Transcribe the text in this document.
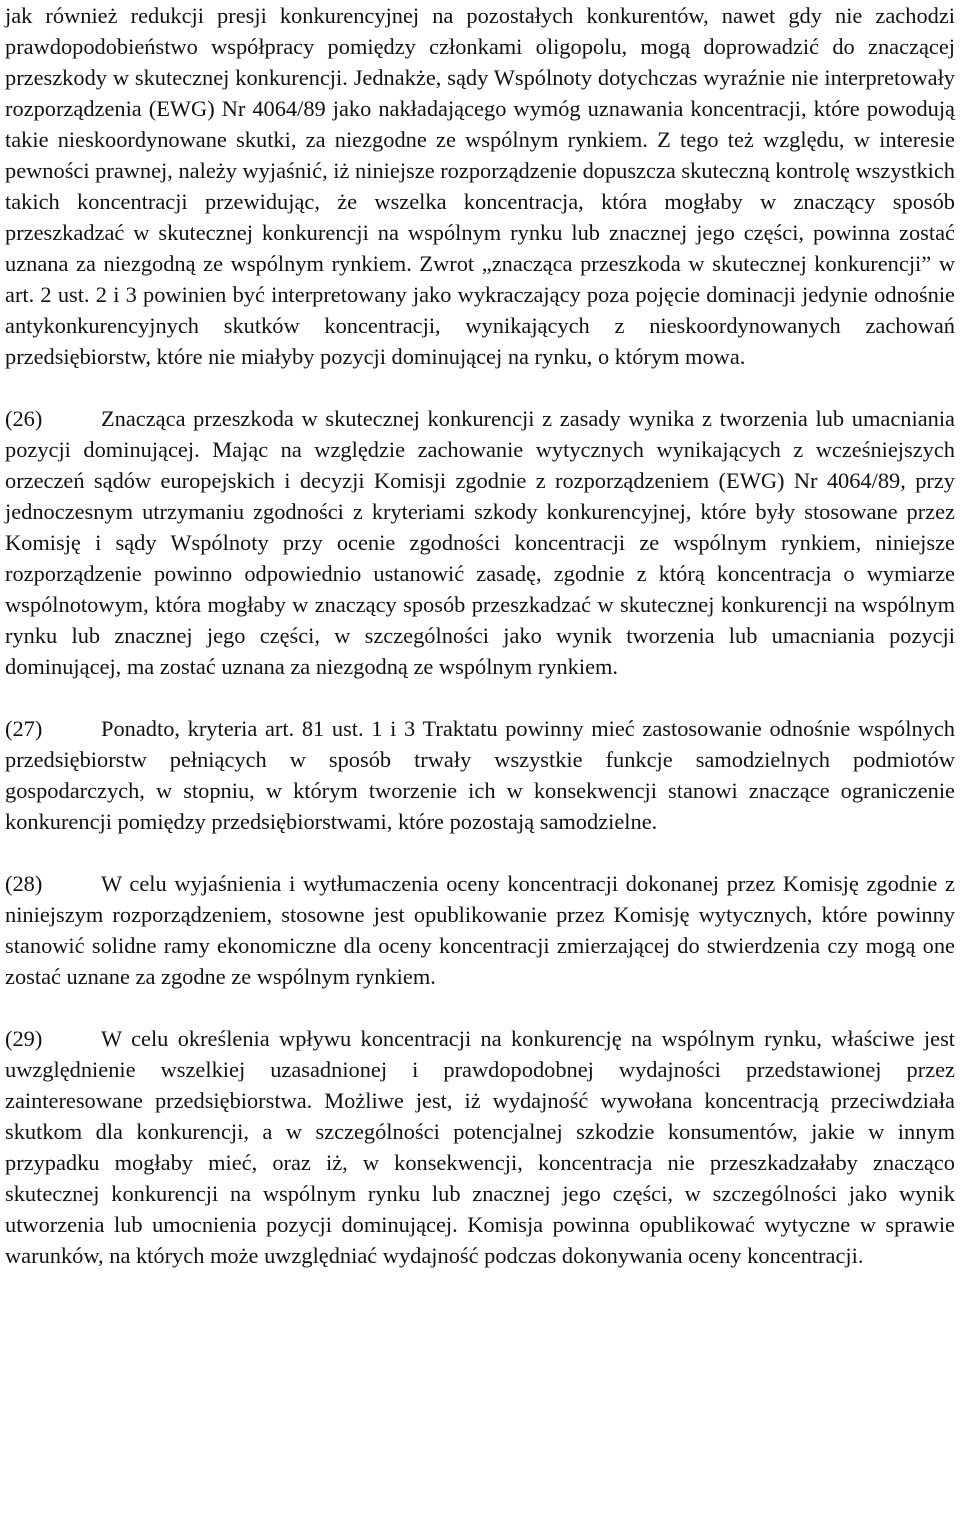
jak również redukcji presji konkurencyjnej na pozostałych konkurentów, nawet gdy nie zachodzi prawdopodobieństwo współpracy pomiędzy członkami oligopolu, mogą doprowadzić do znaczącej przeszkody w skutecznej konkurencji. Jednakże, sądy Wspólnoty dotychczas wyraźnie nie interpretowały rozporządzenia (EWG) Nr 4064/89 jako nakładającego wymóg uznawania koncentracji, które powodują takie nieskoordynowane skutki, za niezgodne ze wspólnym rynkiem. Z tego też względu, w interesie pewności prawnej, należy wyjaśnić, iż niniejsze rozporządzenie dopuszcza skuteczną kontrolę wszystkich takich koncentracji przewidując, że wszelka koncentracja, która mogłaby w znaczący sposób przeszkadzać w skutecznej konkurencji na wspólnym rynku lub znacznej jego części, powinna zostać uznana za niezgodną ze wspólnym rynkiem. Zwrot „znacząca przeszkoda w skutecznej konkurencji” w art. 2 ust. 2 i 3 powinien być interpretowany jako wykraczający poza pojęcie dominacji jedynie odnośnie antykonkurencyjnych skutków koncentracji, wynikających z nieskoordynowanych zachowań przedsiębiorstw, które nie miałyby pozycji dominującej na rynku, o którym mowa.

(26)	Znacząca przeszkoda w skutecznej konkurencji z zasady wynika z tworzenia lub umacniania pozycji dominującej. Mając na względzie zachowanie wytycznych wynikających z wcześniejszych orzeczeń sądów europejskich i decyzji Komisji zgodnie z rozporządzeniem (EWG) Nr 4064/89, przy jednoczesnym utrzymaniu zgodności z kryteriami szkody konkurencyjnej, które były stosowane przez Komisję i sądy Wspólnoty przy ocenie zgodności koncentracji ze wspólnym rynkiem, niniejsze rozporządzenie powinno odpowiednio ustanowić zasadę, zgodnie z którą koncentracja o wymiarze wspólnotowym, która mogłaby w znaczący sposób przeszkadzać w skutecznej konkurencji na wspólnym rynku lub znacznej jego części, w szczególności jako wynik tworzenia lub umacniania pozycji dominującej, ma zostać uznana za niezgodną ze wspólnym rynkiem.

(27)	Ponadto, kryteria art. 81 ust. 1 i 3 Traktatu powinny mieć zastosowanie odnośnie wspólnych przedsiębiorstw pełniących w sposób trwały wszystkie funkcje samodzielnych podmiotów gospodarczych, w stopniu, w którym tworzenie ich w konsekwencji stanowi znaczące ograniczenie konkurencji pomiędzy przedsiębiorstwami, które pozostają samodzielne.

(28)	W celu wyjaśnienia i wytłumaczenia oceny koncentracji dokonanej przez Komisję zgodnie z niniejszym rozporządzeniem, stosowne jest opublikowanie przez Komisję wytycznych, które powinny stanowić solidne ramy ekonomiczne dla oceny koncentracji zmierzającej do stwierdzenia czy mogą one zostać uznane za zgodne ze wspólnym rynkiem.

(29)	W celu określenia wpływu koncentracji na konkurencję na wspólnym rynku, właściwe jest uwzględnienie wszelkiej uzasadnionej i prawdopodobnej wydajności przedstawionej przez zainteresowane przedsiębiorstwa. Możliwe jest, iż wydajność wywołana koncentracją przeciwdziała skutkom dla konkurencji, a w szczególności potencjalnej szkodzie konsumentów, jakie w innym przypadku mogłaby mieć, oraz iż, w konsekwencji, koncentracja nie przeszkadzałaby znacząco skutecznej konkurencji na wspólnym rynku lub znacznej jego części, w szczególności jako wynik utworzenia lub umocnienia pozycji dominującej. Komisja powinna opublikować wytyczne w sprawie warunków, na których może uwzględniać wydajność podczas dokonywania oceny koncentracji.
